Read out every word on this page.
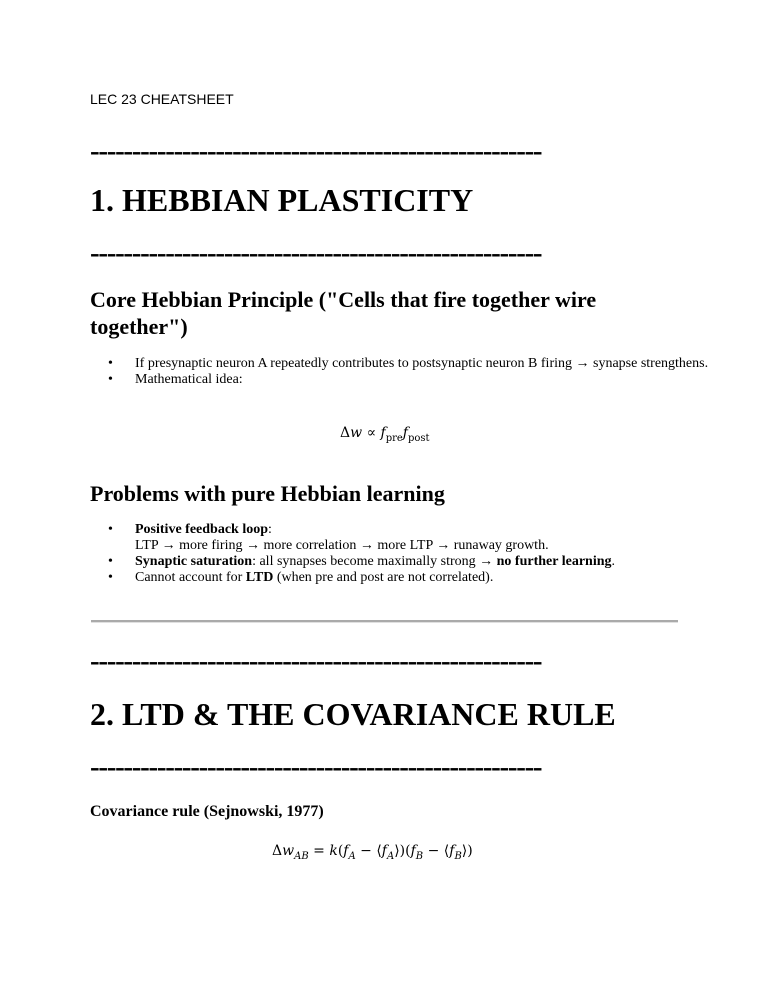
LEC 23 CHEATSHEET

------------------------------------------------------
1. HEBBIAN PLASTICITY
------------------------------------------------------
Core Hebbian Principle ("Cells that fire together wire together")
• If presynaptic neuron A repeatedly contributes to postsynaptic neuron B firing → synapse strengthens.
• Mathematical idea:
$\Delta w \propto f_{pre}f_{post}$
Problems with pure Hebbian learning
• Positive feedback loop:
LTP → more firing → more correlation → more LTP → runaway growth.
• Synaptic saturation: all synapses become maximally strong → no further learning.
• Cannot account for LTD (when pre and post are not correlated).
------------------------------------------------------
2. LTD & THE COVARIANCE RULE
------------------------------------------------------
Covariance rule (Sejnowski, 1977)
$\Delta w_{AB} = k(f_A$ − $⟨f_A⟩)(f_B$ − $⟨f_B⟩$)
